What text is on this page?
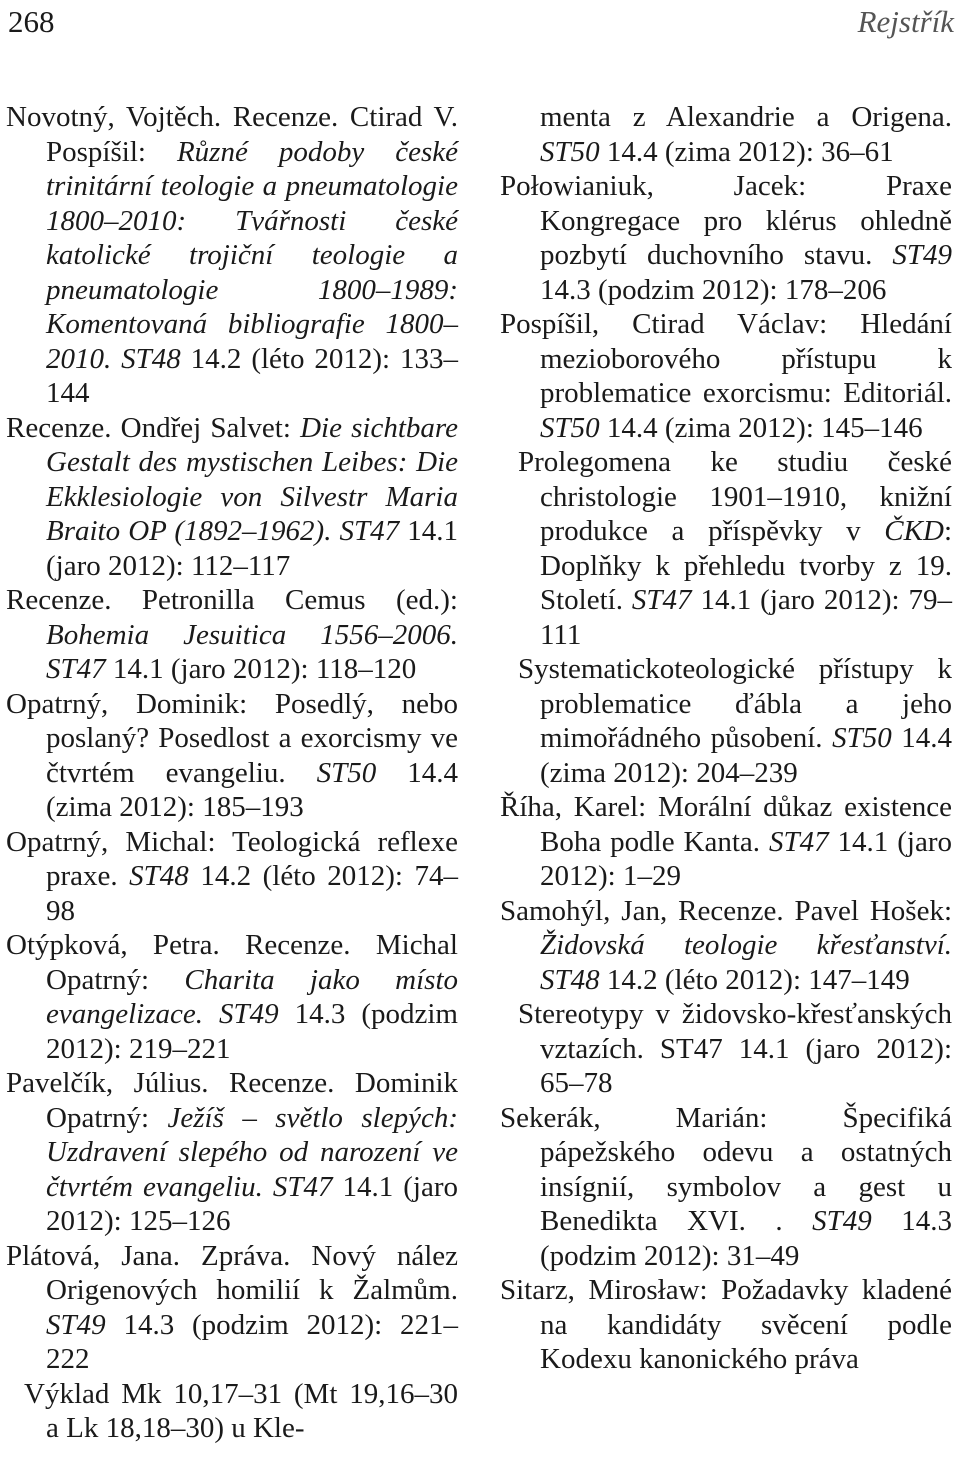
268	Rejstřík

Novotný, Vojtěch. Recenze. Ctirad V. Pospíšil: Různé podoby české trinitární teologie a pneumatologie 1800–2010: Tvářnosti české katolické trojiční teologie a pneumatologie 1800–1989: Komentovaná bibliografie 1800–2010. ST48 14.2 (léto 2012): 133–144

Recenze. Ondřej Salvet: Die sichtbare Gestalt des mystischen Leibes: Die Ekklesiologie von Silvestr Maria Braito OP (1892–1962). ST47 14.1 (jaro 2012): 112–117

Recenze. Petronilla Cemus (ed.): Bohemia Jesuitica 1556–2006. ST47 14.1 (jaro 2012): 118–120

Opatrný, Dominik: Posedlý, nebo poslaný? Posedlost a exorcismy ve čtvrtém evangeliu. ST50 14.4 (zima 2012): 185–193

Opatrný, Michal: Teologická reflexe praxe. ST48 14.2 (léto 2012): 74–98

Otýpková, Petra. Recenze. Michal Opatrný: Charita jako místo evangelizace. ST49 14.3 (podzim 2012): 219–221

Pavelčík, Július. Recenze. Dominik Opatrný: Ježíš – světlo slepých: Uzdravení slepého od narození ve čtvrtém evangeliu. ST47 14.1 (jaro 2012): 125–126

Plátová, Jana. Zpráva. Nový nález Origenových homilií k Žalmům. ST49 14.3 (podzim 2012): 221–222

Výklad Mk 10,17–31 (Mt 19,16–30 a Lk 18,18–30) u Kle-

menta z Alexandrie a Origena. ST50 14.4 (zima 2012): 36–61

Połowianiuk, Jacek: Praxe Kongregace pro klérus ohledně pozbytí duchovního stavu. ST49 14.3 (podzim 2012): 178–206

Pospíšil, Ctirad Václav: Hledání mezioborového přístupu k problematice exorcismu: Editoriál. ST50 14.4 (zima 2012): 145–146

Prolegomena ke studiu české christologie 1901–1910, knižní produkce a příspěvky v ČKD: Doplňky k přehledu tvorby z 19. Století. ST47 14.1 (jaro 2012): 79–111

Systematickoteologické přístupy k problematice ďábla a jeho mimořádného působení. ST50 14.4 (zima 2012): 204–239

Říha, Karel: Morální důkaz existence Boha podle Kanta. ST47 14.1 (jaro 2012): 1–29

Samohýl, Jan, Recenze. Pavel Hošek: Židovská teologie křesťanství. ST48 14.2 (léto 2012): 147–149

Stereotypy v židovsko-křesťanských vztazích. ST47 14.1 (jaro 2012): 65–78

Sekerák, Marián: Špecifiká pápežského odevu a ostatných insígnií, symbolov a gest u Benedikta XVI. . ST49 14.3 (podzim 2012): 31–49

Sitarz, Mirosław: Požadavky kladené na kandidáty svěcení podle Kodexu kanonického práva
